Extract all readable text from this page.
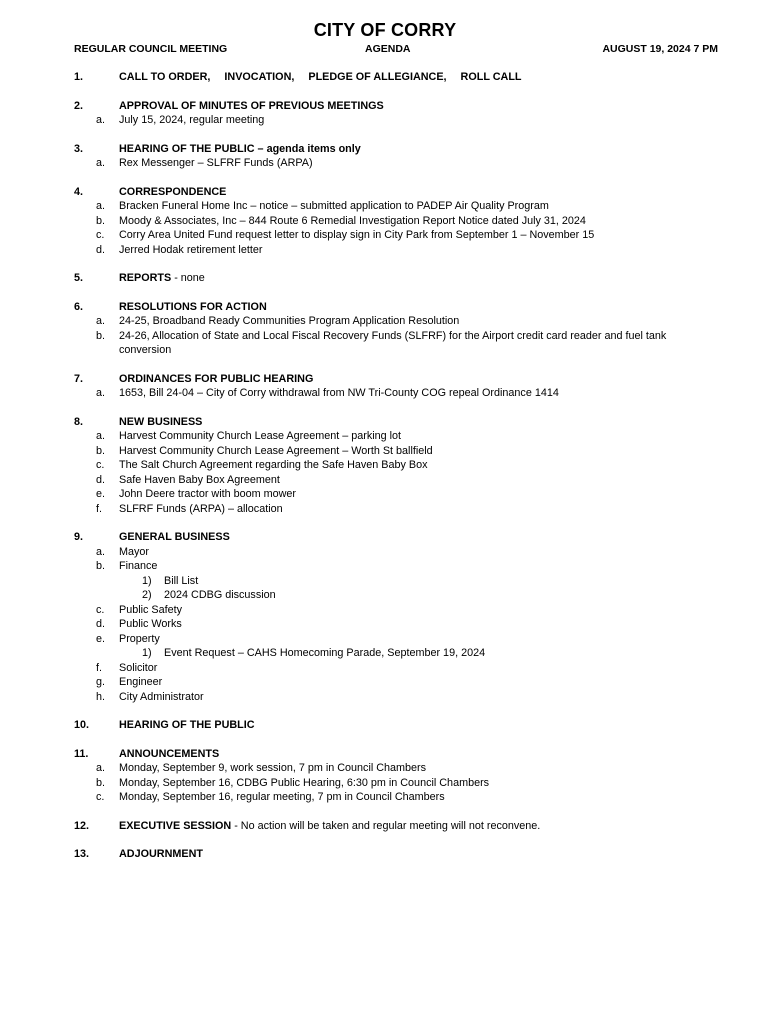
CITY OF CORRY
REGULAR COUNCIL MEETING	AGENDA	AUGUST 19, 2024 7 PM
1.	CALL TO ORDER, INVOCATION, PLEDGE OF ALLEGIANCE, ROLL CALL
2.	APPROVAL OF MINUTES OF PREVIOUS MEETINGS
a. July 15, 2024, regular meeting
3.	HEARING OF THE PUBLIC – agenda items only
a. Rex Messenger – SLFRF Funds (ARPA)
4.	CORRESPONDENCE
a. Bracken Funeral Home Inc – notice – submitted application to PADEP Air Quality Program
b. Moody & Associates, Inc – 844 Route 6 Remedial Investigation Report Notice dated July 31, 2024
c. Corry Area United Fund request letter to display sign in City Park from September 1 – November 15
d. Jerred Hodak retirement letter
5.	REPORTS - none
6.	RESOLUTIONS FOR ACTION
a. 24-25, Broadband Ready Communities Program Application Resolution
b. 24-26, Allocation of State and Local Fiscal Recovery Funds (SLFRF) for the Airport credit card reader and fuel tank conversion
7.	ORDINANCES FOR PUBLIC HEARING
a. 1653, Bill 24-04 – City of Corry withdrawal from NW Tri-County COG repeal Ordinance 1414
8.	NEW BUSINESS
a. Harvest Community Church Lease Agreement – parking lot
b. Harvest Community Church Lease Agreement – Worth St ballfield
c. The Salt Church Agreement regarding the Safe Haven Baby Box
d. Safe Haven Baby Box Agreement
e. John Deere tractor with boom mower
f. SLFRF Funds (ARPA) – allocation
9.	GENERAL BUSINESS
a. Mayor
b. Finance
1) Bill List
2) 2024 CDBG discussion
c. Public Safety
d. Public Works
e. Property
1) Event Request – CAHS Homecoming Parade, September 19, 2024
f. Solicitor
g. Engineer
h. City Administrator
10.	HEARING OF THE PUBLIC
11.	ANNOUNCEMENTS
a. Monday, September 9, work session, 7 pm in Council Chambers
b. Monday, September 16, CDBG Public Hearing, 6:30 pm in Council Chambers
c. Monday, September 16, regular meeting, 7 pm in Council Chambers
12.	EXECUTIVE SESSION - No action will be taken and regular meeting will not reconvene.
13.	ADJOURNMENT
